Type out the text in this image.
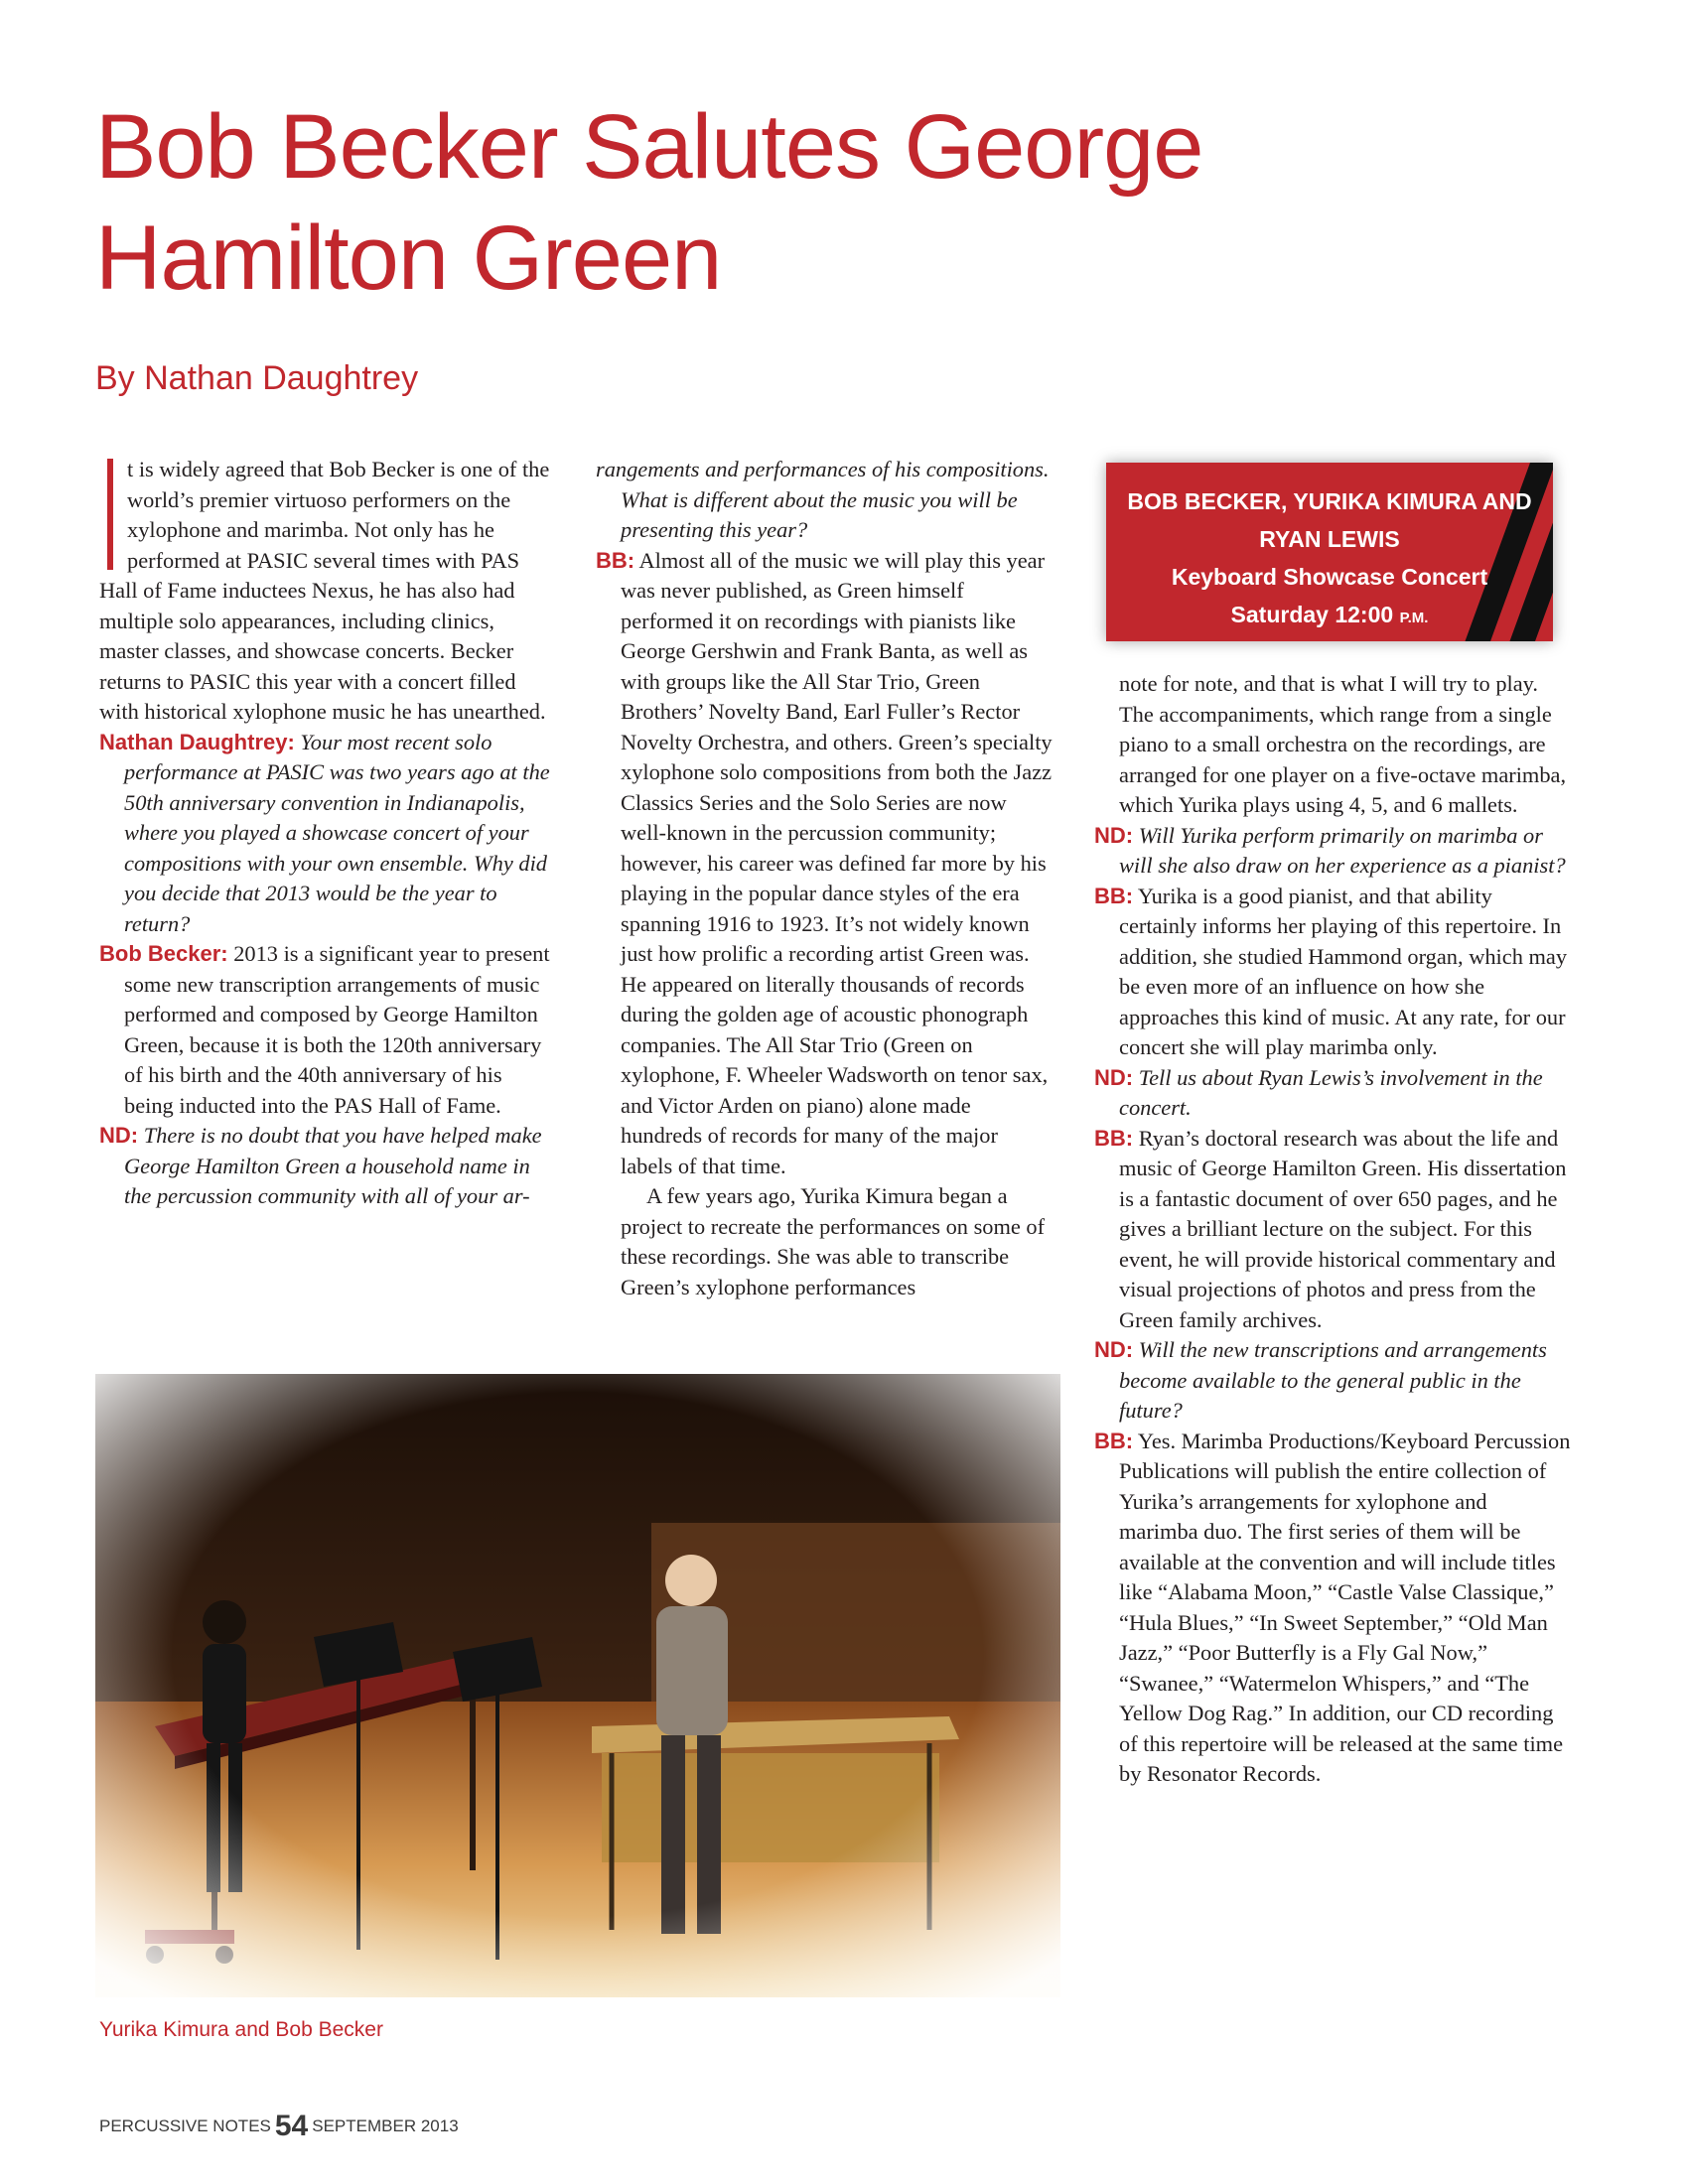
Bob Becker Salutes George Hamilton Green

By Nathan Daughtrey

t is widely agreed that Bob Becker is one of the world’s premier virtuoso performers on the xylophone and marimba. Not only has he performed at PASIC several times with PAS Hall of Fame inductees Nexus, he has also had multiple solo appearances, including clinics, master classes, and showcase concerts. Becker returns to PASIC this year with a concert filled with historical xylophone music he has unearthed.

Nathan Daughtrey: Your most recent solo performance at PASIC was two years ago at the 50th anniversary convention in Indianapolis, where you played a showcase concert of your compositions with your own ensemble. Why did you decide that 2013 would be the year to return?

Bob Becker: 2013 is a significant year to present some new transcription arrangements of music performed and composed by George Hamilton Green, because it is both the 120th anniversary of his birth and the 40th anniversary of his being inducted into the PAS Hall of Fame.

ND: There is no doubt that you have helped make George Hamilton Green a household name in the percussion community with all of your ar-

rangements and performances of his compositions. What is different about the music you will be presenting this year?

BB: Almost all of the music we will play this year was never published, as Green himself performed it on recordings with pianists like George Gershwin and Frank Banta, as well as with groups like the All Star Trio, Green Brothers’ Novelty Band, Earl Fuller’s Rector Novelty Orchestra, and others. Green’s specialty xylophone solo compositions from both the Jazz Classics Series and the Solo Series are now well-known in the percussion community; however, his career was defined far more by his playing in the popular dance styles of the era spanning 1916 to 1923. It’s not widely known just how prolific a recording artist Green was. He appeared on literally thousands of records during the golden age of acoustic phonograph companies. The All Star Trio (Green on xylophone, F. Wheeler Wadsworth on tenor sax, and Victor Arden on piano) alone made hundreds of records for many of the major labels of that time.

A few years ago, Yurika Kimura began a project to recreate the performances on some of these recordings. She was able to transcribe Green’s xylophone performances

BOB BECKER, YURIKA KIMURA AND
RYAN LEWIS
Keyboard Showcase Concert
Saturday 12:00 P.M.

note for note, and that is what I will try to play. The accompaniments, which range from a single piano to a small orchestra on the recordings, are arranged for one player on a five-octave marimba, which Yurika plays using 4, 5, and 6 mallets.

ND: Will Yurika perform primarily on marimba or will she also draw on her experience as a pianist?

BB: Yurika is a good pianist, and that ability certainly informs her playing of this repertoire. In addition, she studied Hammond organ, which may be even more of an influence on how she approaches this kind of music. At any rate, for our concert she will play marimba only.

ND: Tell us about Ryan Lewis’s involvement in the concert.

BB: Ryan’s doctoral research was about the life and music of George Hamilton Green. His dissertation is a fantastic document of over 650 pages, and he gives a brilliant lecture on the subject. For this event, he will provide historical commentary and visual projections of photos and press from the Green family archives.

ND: Will the new transcriptions and arrangements become available to the general public in the future?

BB: Yes. Marimba Productions/Keyboard Percussion Publications will publish the entire collection of Yurika’s arrangements for xylophone and marimba duo. The first series of them will be available at the convention and will include titles like “Alabama Moon,” “Castle Valse Classique,” “Hula Blues,” “In Sweet September,” “Old Man Jazz,” “Poor Butterfly is a Fly Gal Now,” “Swanee,” “Watermelon Whispers,” and “The Yellow Dog Rag.” In addition, our CD recording of this repertoire will be released at the same time by Resonator Records.

Yurika Kimura and Bob Becker

PERCUSSIVE NOTES 54 SEPTEMBER 2013
